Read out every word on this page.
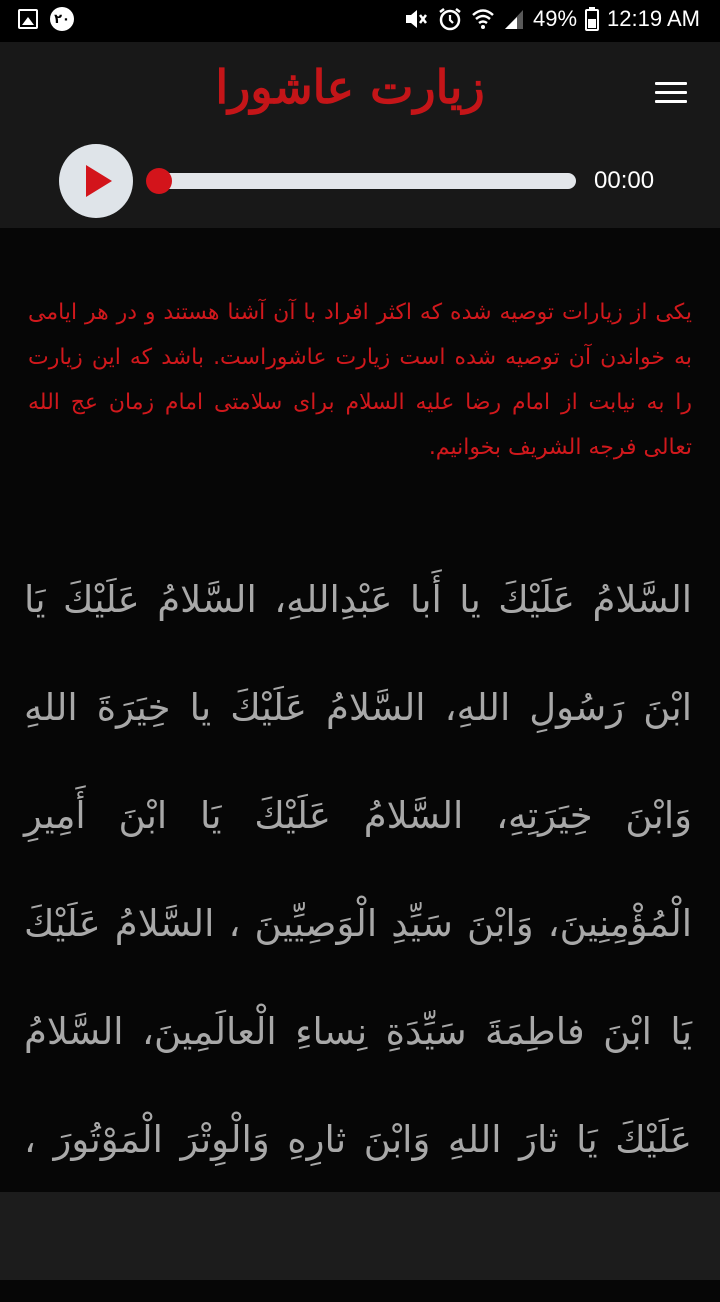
۲۰	49% 12:19 AM
زیارت عاشورا
00:00

یکی از زیارات توصیه شده که اکثر افراد با آن آشنا هستند و در هر ایامی به خواندن آن توصیه شده است زیارت عاشوراست. باشد که این زیارت را به نیابت از امام رضا علیه السلام برای سلامتی امام زمان عج الله تعالی فرجه الشریف بخوانیم.

السَّلامُ عَلَيْكَ يا أَبا عَبْدِاللهِ، السَّلامُ عَلَيْكَ يَا ابْنَ رَسُولِ اللهِ، السَّلامُ عَلَيْكَ يا خِيَرَةَ اللهِ وَابْنَ خِيَرَتِهِ، السَّلامُ عَلَيْكَ يَا ابْنَ أَمِيرِ الْمُؤْمِنِينَ، وَابْنَ سَيِّدِ الْوَصِيِّينَ ، السَّلامُ عَلَيْكَ يَا ابْنَ فاطِمَةَ سَيِّدَةِ نِساءِ الْعالَمِينَ، السَّلامُ عَلَيْكَ يَا ثارَ اللهِ وَابْنَ ثارِهِ وَالْوِتْرَ الْمَوْتُورَ ،
